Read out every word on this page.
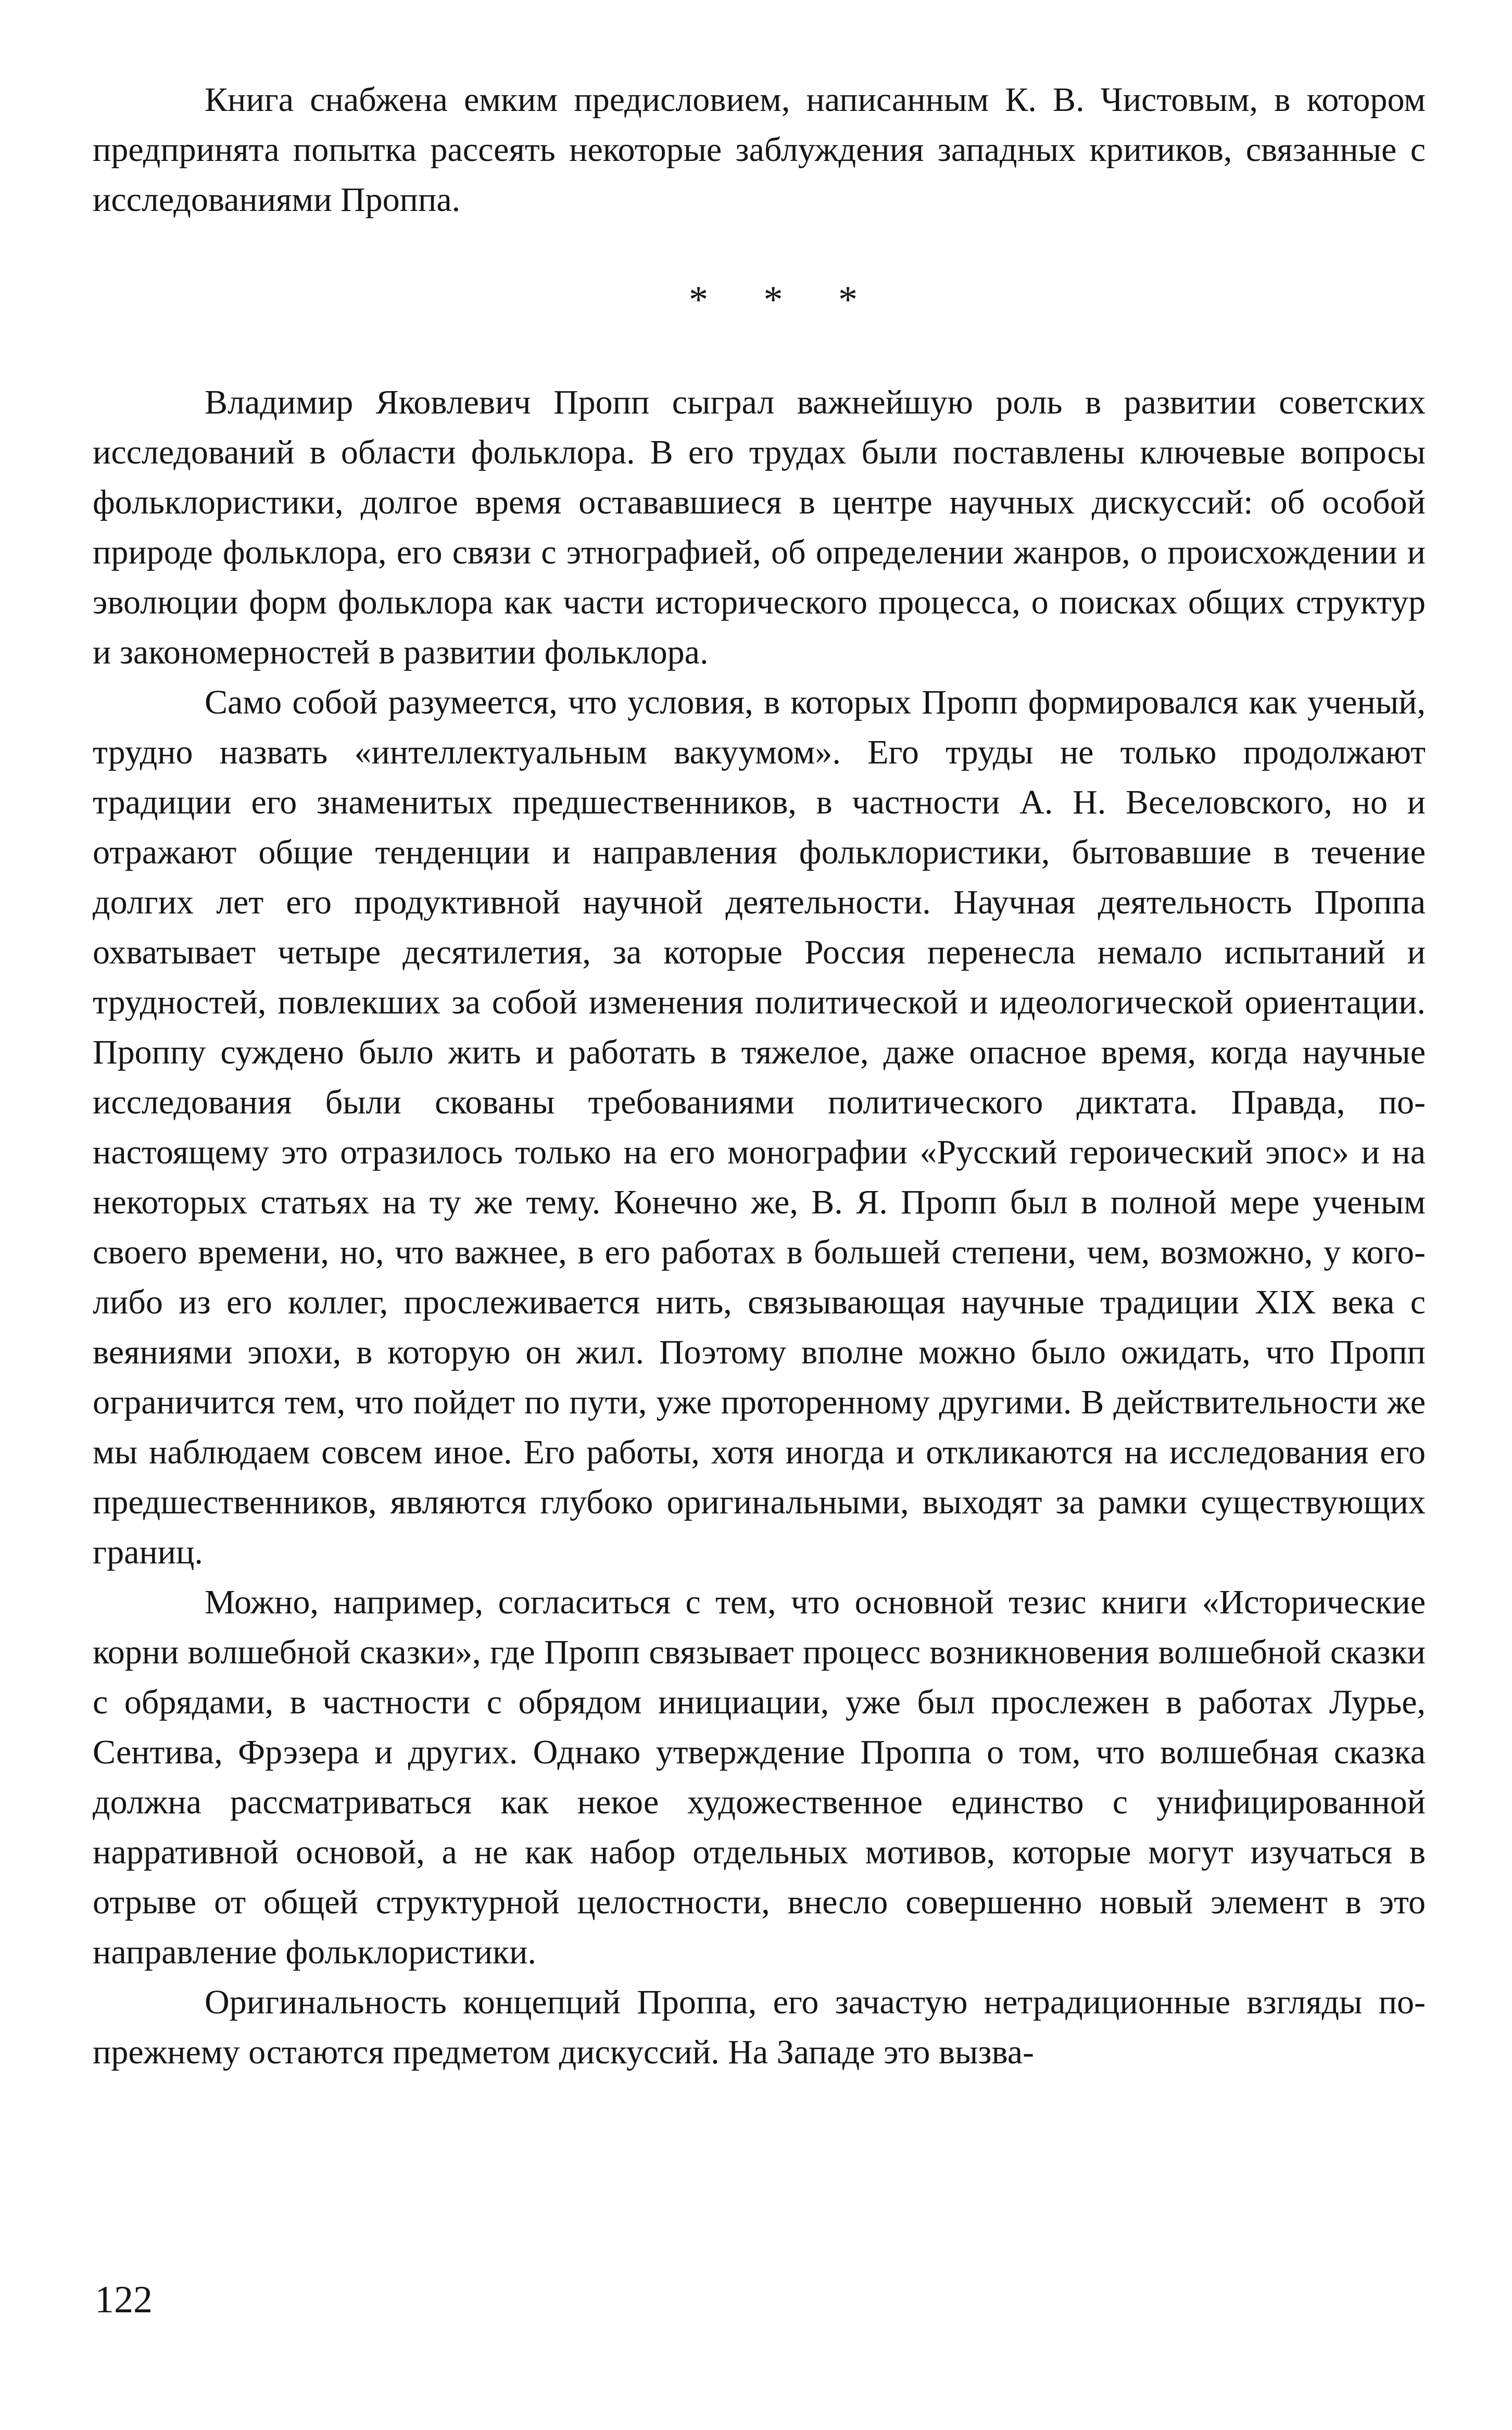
Книга снабжена емким предисловием, написанным К. В. Чистовым, в котором предпринята попытка рассеять некоторые заблуждения западных критиков, связанные с исследованиями Проппа.

* * *

Владимир Яковлевич Пропп сыграл важнейшую роль в развитии советских исследований в области фольклора. В его трудах были поставлены ключевые вопросы фольклористики, долгое время остававшиеся в центре научных дискуссий: об особой природе фольклора, его связи с этнографией, об определении жанров, о происхождении и эволюции форм фольклора как части исторического процесса, о поисках общих структур и закономерностей в развитии фольклора.

Само собой разумеется, что условия, в которых Пропп формировался как ученый, трудно назвать «интеллектуальным вакуумом». Его труды не только продолжают традиции его знаменитых предшественников, в частности А. Н. Веселовского, но и отражают общие тенденции и направления фольклористики, бытовавшие в течение долгих лет его продуктивной научной деятельности. Научная деятельность Проппа охватывает четыре десятилетия, за которые Россия перенесла немало испытаний и трудностей, повлекших за собой изменения политической и идеологической ориентации. Проппу суждено было жить и работать в тяжелое, даже опасное время, когда научные исследования были скованы требованиями политического диктата. Правда, по-настоящему это отразилось только на его монографии «Русский героический эпос» и на некоторых статьях на ту же тему. Конечно же, В. Я. Пропп был в полной мере ученым своего времени, но, что важнее, в его работах в большей степени, чем, возможно, у кого-либо из его коллег, прослеживается нить, связывающая научные традиции XIX века с веяниями эпохи, в которую он жил. Поэтому вполне можно было ожидать, что Пропп ограничится тем, что пойдет по пути, уже проторенному другими. В действительности же мы наблюдаем совсем иное. Его работы, хотя иногда и откликаются на исследования его предшественников, являются глубоко оригинальными, выходят за рамки существующих границ.

Можно, например, согласиться с тем, что основной тезис книги «Исторические корни волшебной сказки», где Пропп связывает процесс возникновения волшебной сказки с обрядами, в частности с обрядом инициации, уже был прослежен в работах Лурье, Сентива, Фрэзера и других. Однако утверждение Проппа о том, что волшебная сказка должна рассматриваться как некое художественное единство с унифицированной нарративной основой, а не как набор отдельных мотивов, которые могут изучаться в отрыве от общей структурной целостности, внесло совершенно новый элемент в это направление фольклористики.

Оригинальность концепций Проппа, его зачастую нетрадиционные взгляды по-прежнему остаются предметом дискуссий. На Западе это вызва-

122
